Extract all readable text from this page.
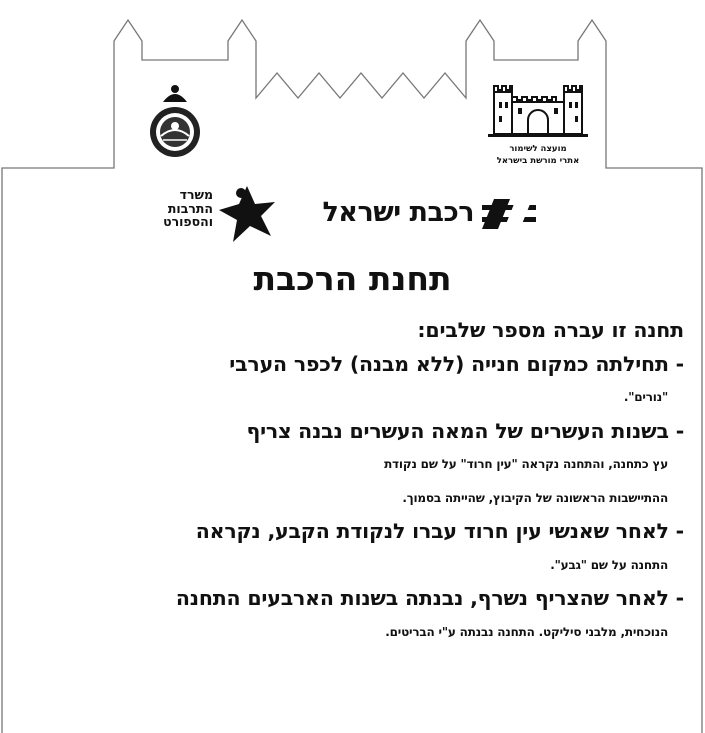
מועצה לשימור
אתרי מורשת בישראל
רכבת ישראל
משרד
התרבות
והספורט
תחנת הרכבת
תחנה זו עברה מספר שלבים:
- תחילתה כמקום חנייה (ללא מבנה) לכפר הערבי
"נורים".
- בשנות העשרים של המאה העשרים נבנה צריף
עץ כתחנה, והתחנה נקראה "עין חרוד" על שם נקודת
ההתיישבות הראשונה של הקיבוץ, שהייתה בסמוך.
- לאחר שאנשי עין חרוד עברו לנקודת הקבע, נקראה
התחנה על שם "גבע".
- לאחר שהצריף נשרף, נבנתה בשנות הארבעים התחנה
הנוכחית, מלבני סיליקט. התחנה נבנתה ע"י הבריטים.
